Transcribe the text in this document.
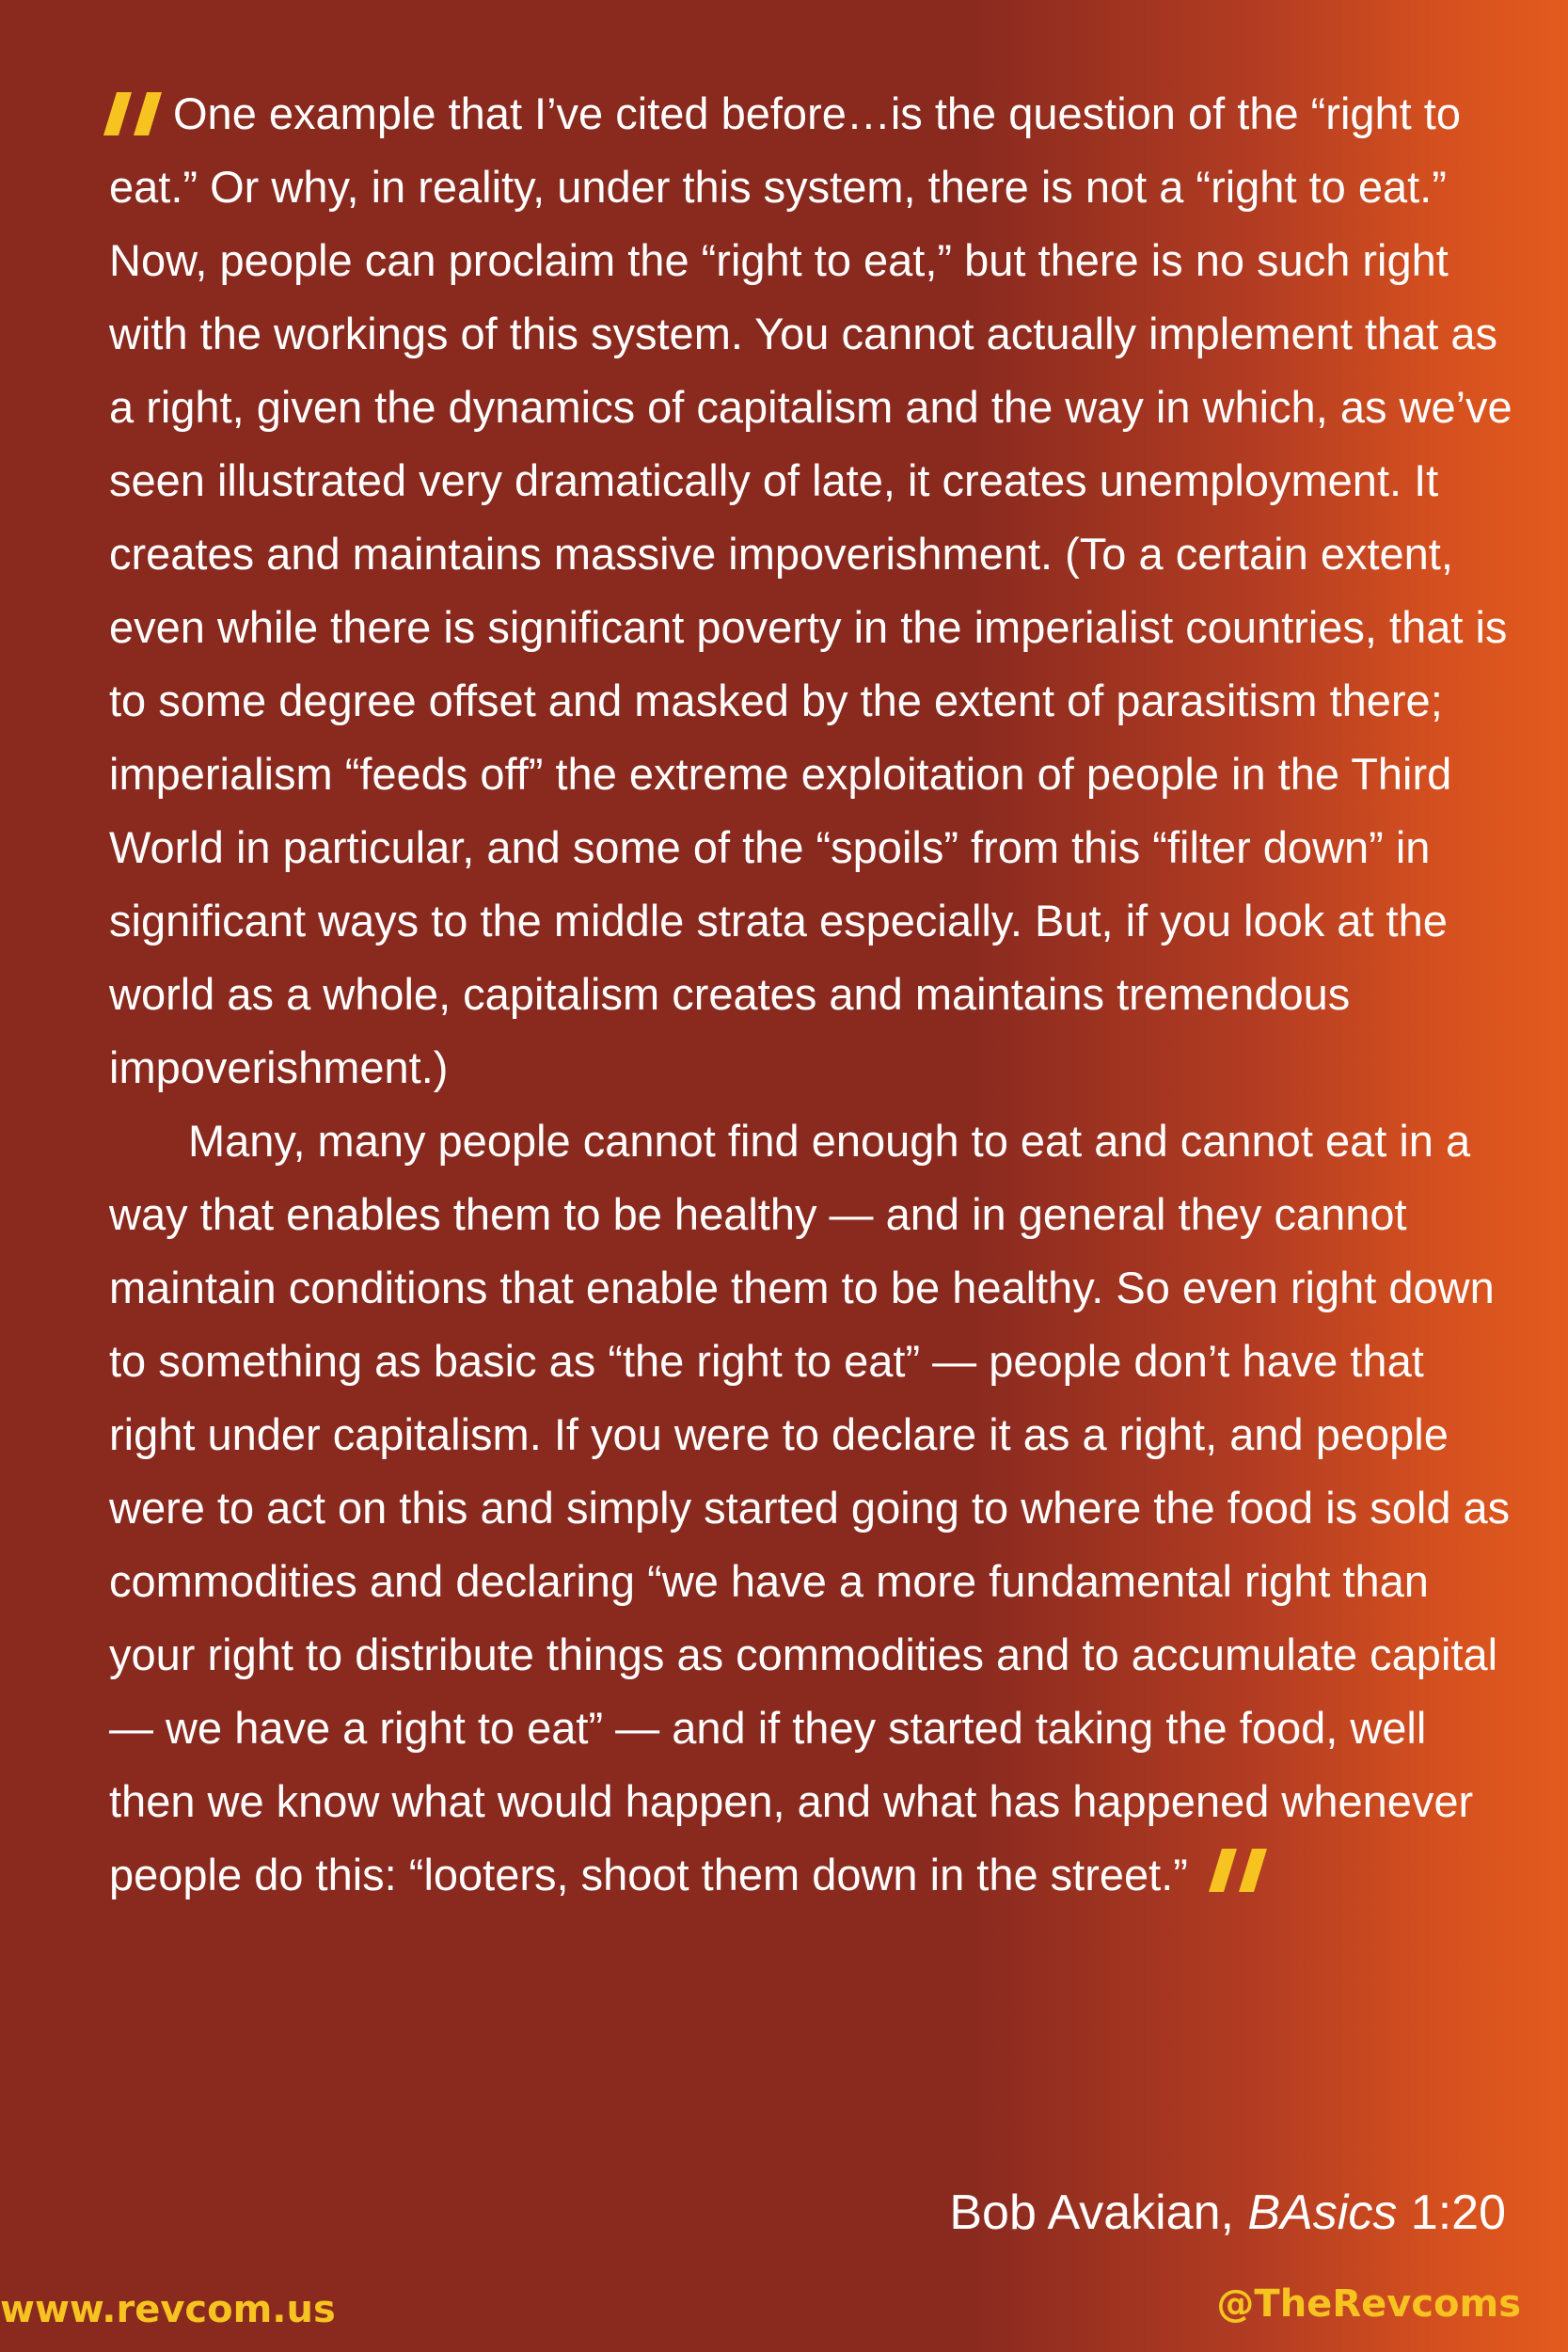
One example that I’ve cited before…is the question of the “right to eat.” Or why, in reality, under this system, there is not a “right to eat.” Now, people can proclaim the “right to eat,” but there is no such right with the workings of this system. You cannot actually implement that as a right, given the dynamics of capitalism and the way in which, as we’ve seen illustrated very dramatically of late, it creates unemployment. It creates and maintains massive impoverishment. (To a certain extent, even while there is significant poverty in the imperialist countries, that is to some degree offset and masked by the extent of parasitism there; imperialism “feeds off” the extreme exploitation of people in the Third World in particular, and some of the “spoils” from this “filter down” in significant ways to the middle strata especially. But, if you look at the world as a whole, capitalism creates and maintains tremendous impoverishment.)

Many, many people cannot find enough to eat and cannot eat in a way that enables them to be healthy — and in general they cannot maintain conditions that enable them to be healthy. So even right down to something as basic as “the right to eat” — people don’t have that right under capitalism. If you were to declare it as a right, and people were to act on this and simply started going to where the food is sold as commodities and declaring “we have a more fundamental right than your right to distribute things as commodities and to accumulate capital — we have a right to eat” — and if they started taking the food, well then we know what would happen, and what has happened whenever people do this: “looters, shoot them down in the street.”

Bob Avakian, BAsics 1:20
www.revcom.us	@TheRevcoms
